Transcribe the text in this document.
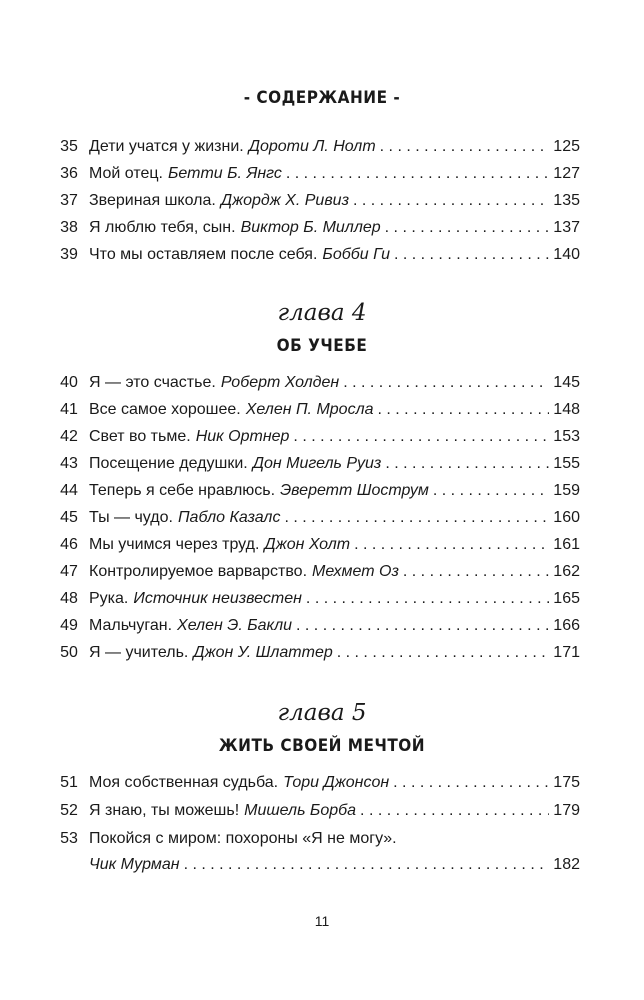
- СОДЕРЖАНИЕ -
35 Дети учатся у жизни. Дороти Л. Нолт . . .	125
36 Мой отец. Бетти Б. Янгс . . .	127
37 Звериная школа. Джордж Х. Ривиз . . .	135
38 Я люблю тебя, сын. Виктор Б. Миллер . . .	137
39 Что мы оставляем после себя. Бобби Ги . . .	140
глава 4
ОБ УЧЕБЕ
40 Я — это счастье. Роберт Холден . . .	145
41 Все самое хорошее. Хелен П. Мросла . . .	148
42 Свет во тьме. Ник Ортнер . . .	153
43 Посещение дедушки. Дон Мигель Руиз . . .	155
44 Теперь я себе нравлюсь. Эверетт Шострум . . .	159
45 Ты — чудо. Пабло Казалс . . .	160
46 Мы учимся через труд. Джон Холт . . .	161
47 Контролируемое варварство. Мехмет Оз . . .	162
48 Рука. Источник неизвестен . . .	165
49 Мальчуган. Хелен Э. Бакли . . .	166
50 Я — учитель. Джон У. Шлаттер . . .	171
глава 5
ЖИТЬ СВОЕЙ МЕЧТОЙ
51 Моя собственная судьба. Тори Джонсон . . .	175
52 Я знаю, ты можешь! Мишель Борба . . .	179
53 Покойся с миром: похороны «Я не могу».
Чик Мурман . . .	182
11
